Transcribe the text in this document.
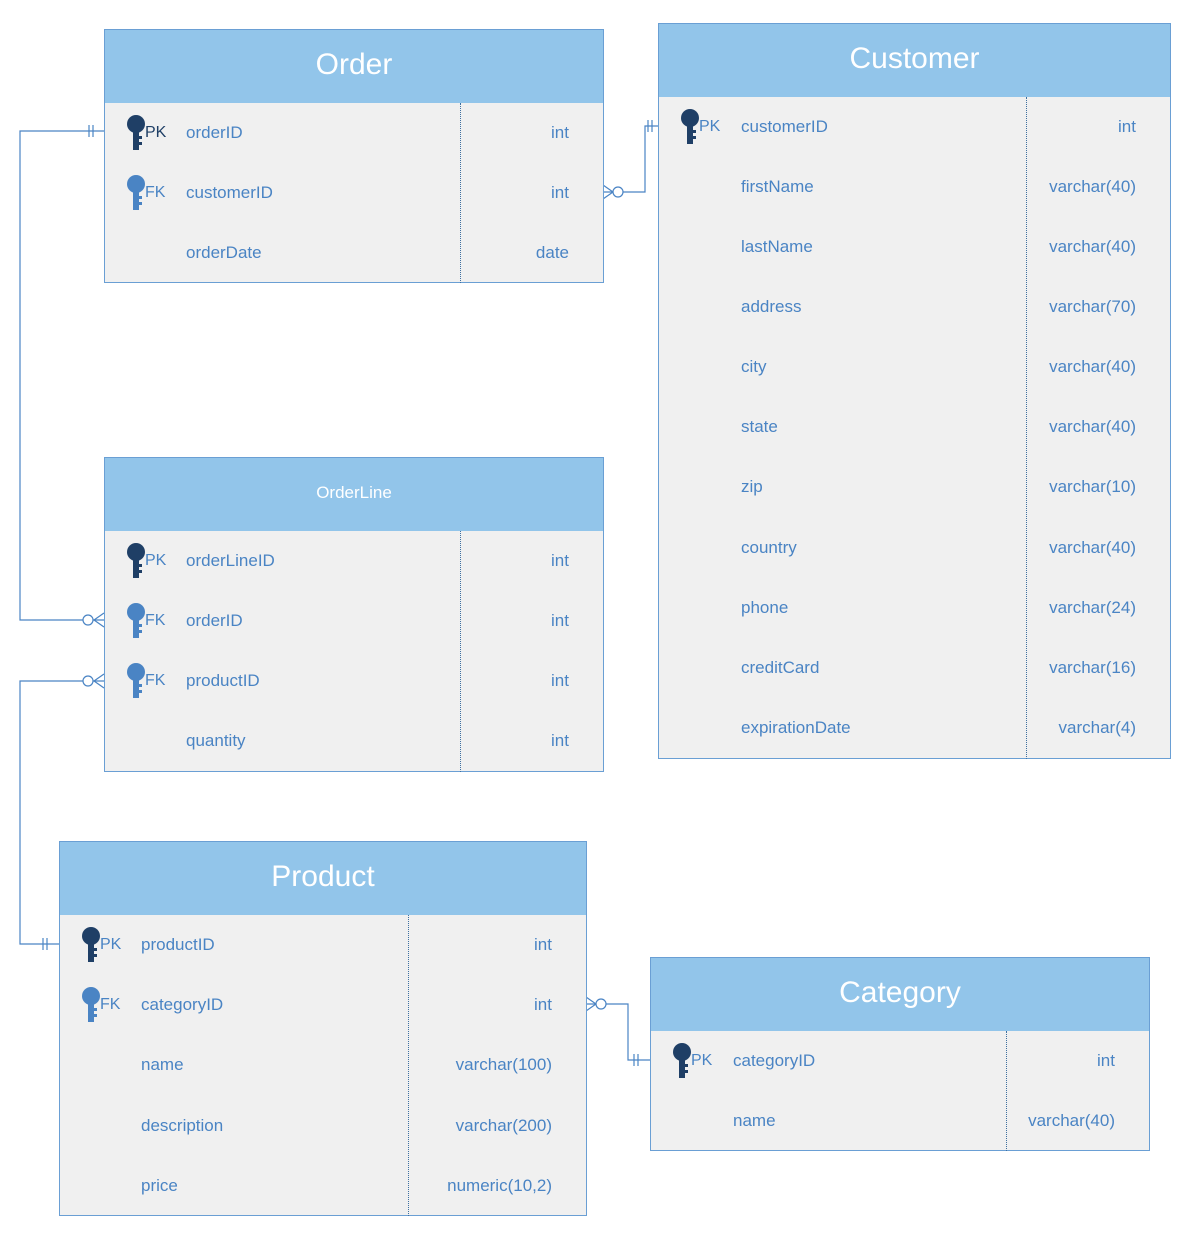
Order
PK orderID	int
FK customerID	int
orderDate	date
Customer
PK customerID	int
firstName	varchar(40)
lastName	varchar(40)
address	varchar(70)
city	varchar(40)
state	varchar(40)
zip	varchar(10)
country	varchar(40)
phone	varchar(24)
creditCard	varchar(16)
expirationDate	varchar(4)
OrderLine
PK orderLineID	int
FK orderID	int
FK productID	int
quantity	int
Product
PK productID	int
FK categoryID	int
name	varchar(100)
description	varchar(200)
price	numeric(10,2)
Category
PK categoryID	int
name	varchar(40)
